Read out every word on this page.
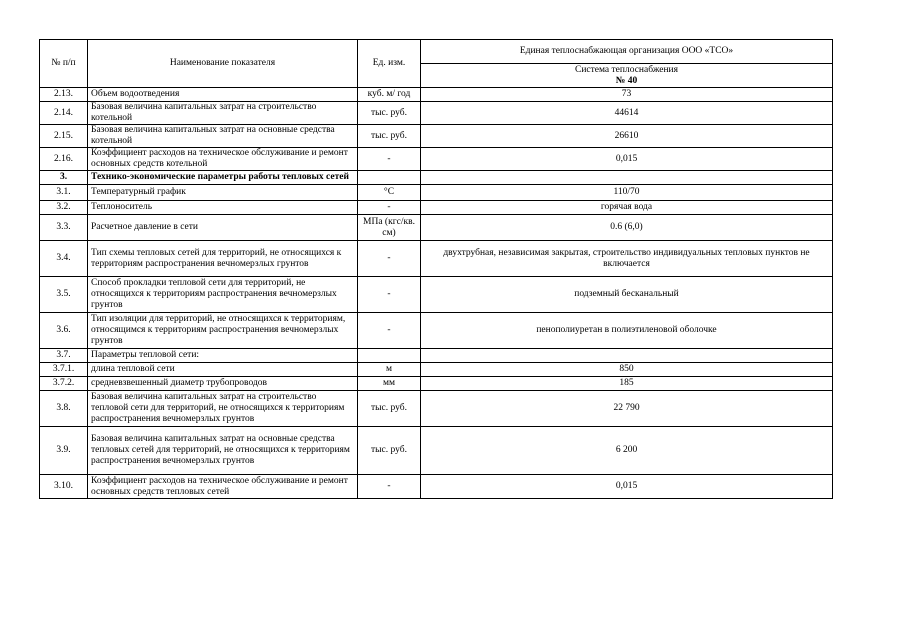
№ п/п	Наименование показателя	Ед. изм.	Единая теплоснабжающая организация ООО «ТСО»

			Система теплоснабжения
№ 40

2.13.	Объем водоотведения	куб. м/ год	73
2.14.	Базовая величина капитальных затрат на строительство котельной	тыс. руб.	44614
2.15.	Базовая величина капитальных затрат на основные средства котельной	тыс. руб.	26610
2.16.	Коэффициент расходов на техническое обслуживание и ремонт основных средств котельной	-	0,015
3.	Технико-экономические параметры работы тепловых сетей		
3.1.	Температурный график	°C	110/70
3.2.	Теплоноситель	-	горячая вода
3.3.	Расчетное давление в сети	МПа (кгс/кв. см)	0.6 (6,0)
3.4.	Тип схемы тепловых сетей для территорий, не относящихся к территориям распространения вечномерзлых грунтов	-	двухтрубная, независимая закрытая, строительство индивидуальных тепловых пунктов не включается
3.5.	Способ прокладки тепловой сети для территорий, не относящихся к территориям распространения вечномерзлых грунтов	-	подземный бесканальный
3.6.	Тип изоляции для территорий, не относящихся к территориям, относящимся к территориям распространения вечномерзлых грунтов	-	пенополиуретан в полиэтиленовой оболочке
3.7.	Параметры тепловой сети:		
3.7.1.	длина тепловой сети	м	850
3.7.2.	средневзвешенный диаметр трубопроводов	мм	185
3.8.	Базовая величина капитальных затрат на строительство тепловой сети для территорий, не относящихся к территориям распространения вечномерзлых грунтов	тыс. руб.	22 790
3.9.	Базовая величина капитальных затрат на основные средства тепловых сетей для территорий, не относящихся к территориям распространения вечномерзлых грунтов	тыс. руб.	6 200
3.10.	Коэффициент расходов на техническое обслуживание и ремонт основных средств тепловых сетей	-	0,015
